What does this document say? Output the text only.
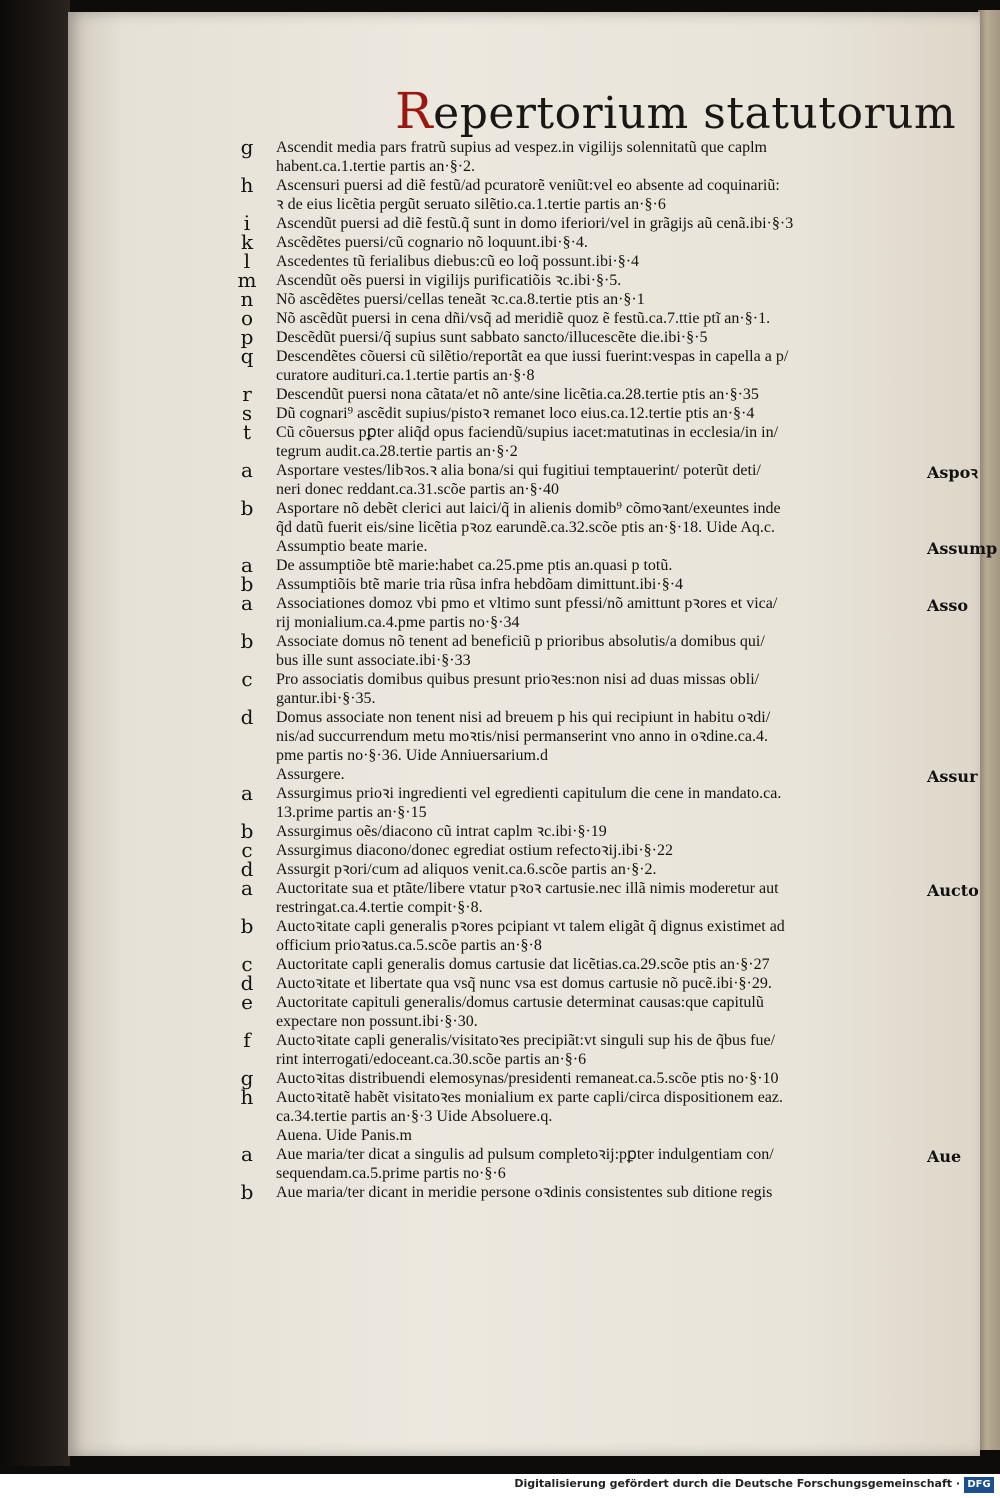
Repertorium statutorum
g	Ascendit media pars fratrũ supius ad vespez.in vigilijs solennitatũ que caplm
habent.ca.1.tertie partis an·§·2.
h	Ascensuri puersi ad diẽ festũ/ad pcuratorẽ veniũt:vel eo absente ad coquinariũ:
ꝛ de eius licẽtia pergũt seruato silẽtio.ca.1.tertie partis an·§·6
i	Ascendũt puersi ad diẽ festũ.q̃ sunt in domo iferiori/vel in grãgijs aũ cenã.ibi·§·3
k	Ascẽdẽtes puersi/cũ cognario nõ loquunt.ibi·§·4.
l	Ascedentes tũ ferialibus diebus:cũ eo loq̃ possunt.ibi·§·4
m	Ascendũt oẽs puersi in vigilijs purificatiõis ꝛc.ibi·§·5.
n	Nõ ascẽdẽtes puersi/cellas teneãt ꝛc.ca.8.tertie ptis an·§·1
o	Nõ ascẽdũt puersi in cena dñi/vsq̃ ad meridiẽ quoz ẽ festũ.ca.7.ttie ptĩ an·§·1.
p	Descẽdũt puersi/q̃ supius sunt sabbato sancto/illucescẽte die.ibi·§·5
q	Descendẽtes cõuersi cũ silẽtio/reportãt ea que iussi fuerint:vespas in capella a p/
curatore audituri.ca.1.tertie partis an·§·8
r	Descendũt puersi nona cãtata/et nõ ante/sine licẽtia.ca.28.tertie ptis an·§·35
s	Dũ cognari⁹ ascẽdit supius/pistoꝛ remanet loco eius.ca.12.tertie ptis an·§·4
t	Cũ cõuersus pꝑter aliq̃d opus faciendũ/supius iacet:matutinas in ecclesia/in in/
tegrum audit.ca.28.tertie partis an·§·2
a	Asportare vestes/libꝛos.ꝛ alia bona/si qui fugitiui temptauerint/ poterũt deti/
neri donec reddant.ca.31.scõe partis an·§·40
Aspoꝛ
b	Asportare nõ debẽt clerici aut laici/q̃ in alienis domib⁹ cõmoꝛant/exeuntes inde
q̃d datũ fuerit eis/sine licẽtia pꝛoz earundẽ.ca.32.scõe ptis an·§·18. Uide Aq.c.
Assumptio beate marie.	Assump
a	De assumptiõe btẽ marie:habet ca.25.pme ptis an.quasi p totũ.
b	Assumptiõis btẽ marie tria rũsa infra hebdõam dimittunt.ibi·§·4
a	Associationes domoz vbi pmo et vltimo sunt pfessi/nõ amittunt pꝛores et vica/
rij monialium.ca.4.pme partis no·§·34
Asso
b	Associate domus nõ tenent ad beneficiũ p prioribus absolutis/a domibus qui/
bus ille sunt associate.ibi·§·33
c	Pro associatis domibus quibus presunt prioꝛes:non nisi ad duas missas obli/
gantur.ibi·§·35.
d	Domus associate non tenent nisi ad breuem p his qui recipiunt in habitu oꝛdi/
nis/ad succurrendum metu moꝛtis/nisi permanserint vno anno in oꝛdine.ca.4.
pme partis no·§·36. Uide Anniuersarium.d
Assurgere.	Assur
a	Assurgimus prioꝛi ingredienti vel egredienti capitulum die cene in mandato.ca.
13.prime partis an·§·15
b	Assurgimus oẽs/diacono cũ intrat caplm ꝛc.ibi·§·19
c	Assurgimus diacono/donec egrediat ostium refectoꝛij.ibi·§·22
d	Assurgit pꝛori/cum ad aliquos venit.ca.6.scõe partis an·§·2.
a	Auctoritate sua et ptãte/libere vtatur pꝛoꝛ cartusie.nec illã nimis moderetur aut
restringat.ca.4.tertie compit·§·8.
Aucto
b	Auctoꝛitate capli generalis pꝛores pcipiant vt talem eligãt q̃ dignus existimet ad
officium prioꝛatus.ca.5.scõe partis an·§·8
c	Auctoritate capli generalis domus cartusie dat licẽtias.ca.29.scõe ptis an·§·27
d	Auctoꝛitate et libertate qua vsq̃ nunc vsa est domus cartusie nõ pucẽ.ibi·§·29.
e	Auctoritate capituli generalis/domus cartusie determinat causas:que capitulũ
expectare non possunt.ibi·§·30.
f	Auctoꝛitate capli generalis/visitatoꝛes precipiãt:vt singuli sup his de q̃bus fue/
rint interrogati/edoceant.ca.30.scõe partis an·§·6
g	Auctoꝛitas distribuendi elemosynas/presidenti remaneat.ca.5.scõe ptis no·§·10
h	Auctoꝛitatẽ habẽt visitatoꝛes monialium ex parte capli/circa dispositionem eaz.
ca.34.tertie partis an·§·3 Uide Absoluere.q.
Auena. Uide Panis.m
a	Aue maria/ter dicat a singulis ad pulsum completoꝛij:pꝑter indulgentiam con/
sequendam.ca.5.prime partis no·§·6
Aue
b	Aue maria/ter dicant in meridie persone oꝛdinis consistentes sub ditione regis
Digitalisierung gefördert durch die Deutsche Forschungsgemeinschaft · DFG
